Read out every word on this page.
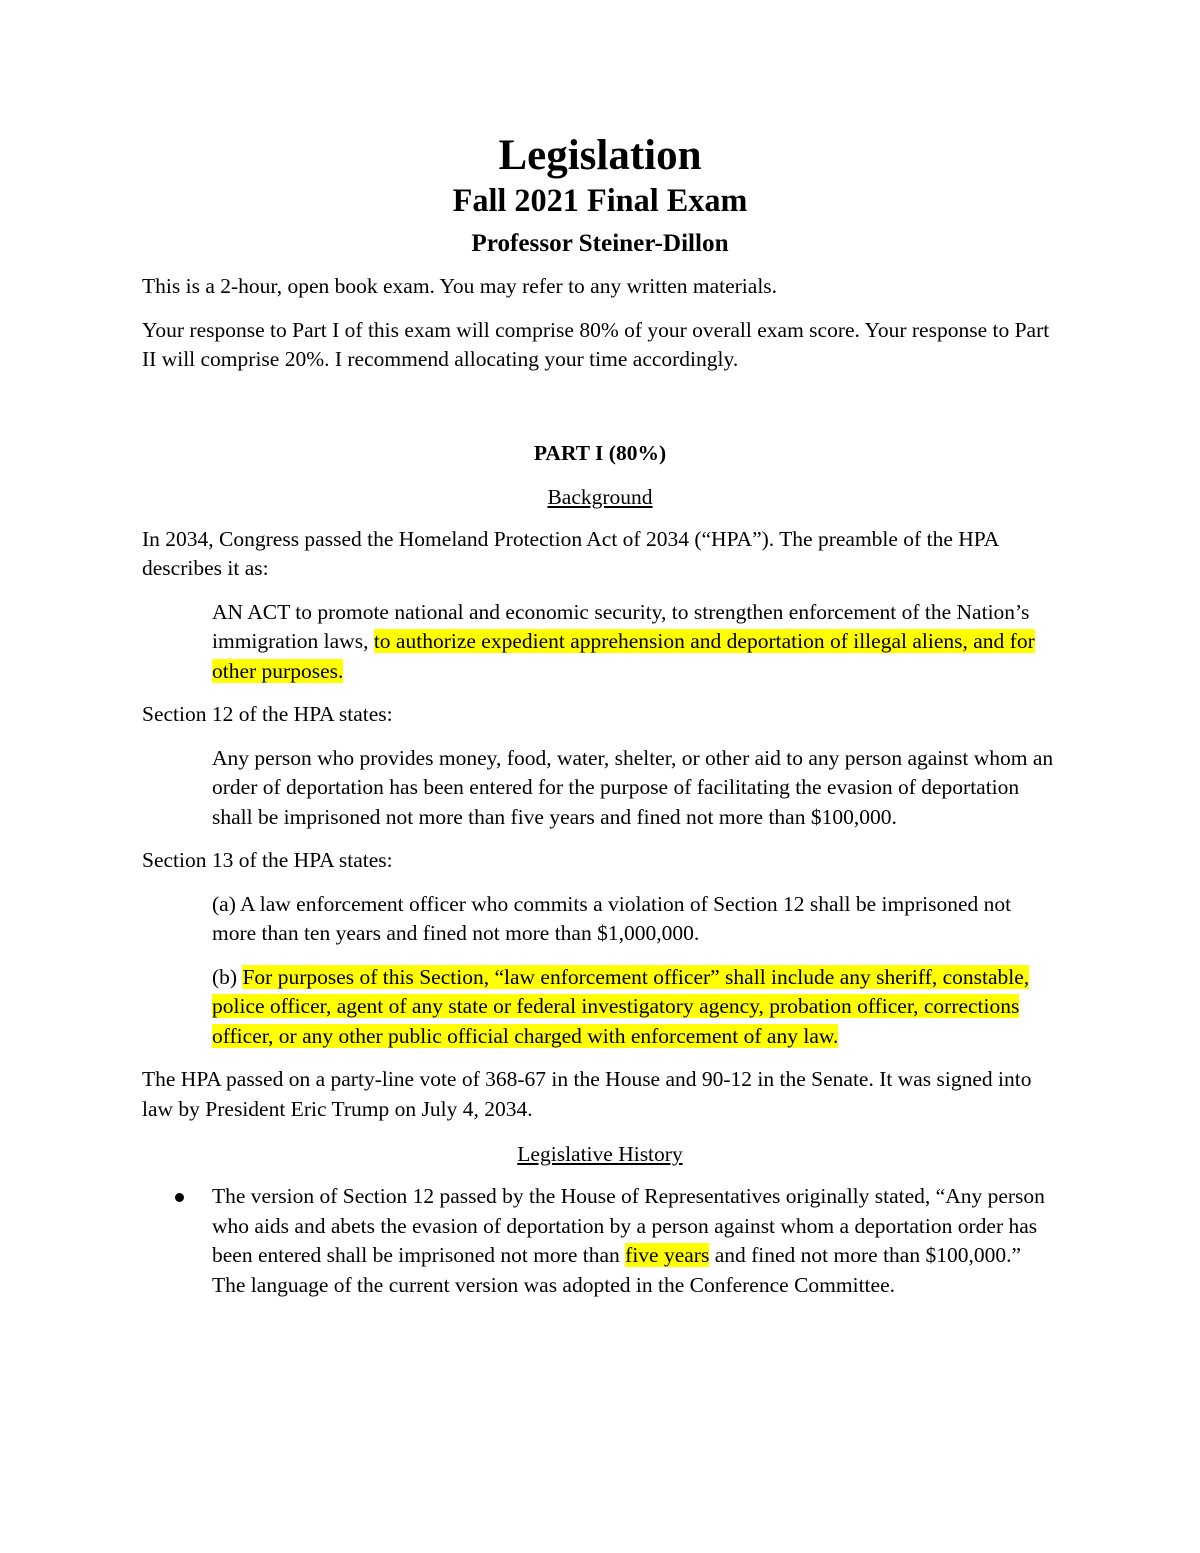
Legislation
Fall 2021 Final Exam
Professor Steiner-Dillon

This is a 2-hour, open book exam. You may refer to any written materials.

Your response to Part I of this exam will comprise 80% of your overall exam score. Your response to Part II will comprise 20%. I recommend allocating your time accordingly.

PART I (80%)
Background

In 2034, Congress passed the Homeland Protection Act of 2034 (“HPA”). The preamble of the HPA describes it as:

AN ACT to promote national and economic security, to strengthen enforcement of the Nation’s immigration laws, to authorize expedient apprehension and deportation of illegal aliens, and for other purposes.

Section 12 of the HPA states:

Any person who provides money, food, water, shelter, or other aid to any person against whom an order of deportation has been entered for the purpose of facilitating the evasion of deportation shall be imprisoned not more than five years and fined not more than $100,000.

Section 13 of the HPA states:

(a) A law enforcement officer who commits a violation of Section 12 shall be imprisoned not more than ten years and fined not more than $1,000,000.

(b) For purposes of this Section, “law enforcement officer” shall include any sheriff, constable, police officer, agent of any state or federal investigatory agency, probation officer, corrections officer, or any other public official charged with enforcement of any law.

The HPA passed on a party-line vote of 368-67 in the House and 90-12 in the Senate. It was signed into law by President Eric Trump on July 4, 2034.

Legislative History
The version of Section 12 passed by the House of Representatives originally stated, “Any person who aids and abets the evasion of deportation by a person against whom a deportation order has been entered shall be imprisoned not more than five years and fined not more than $100,000.” The language of the current version was adopted in the Conference Committee.
